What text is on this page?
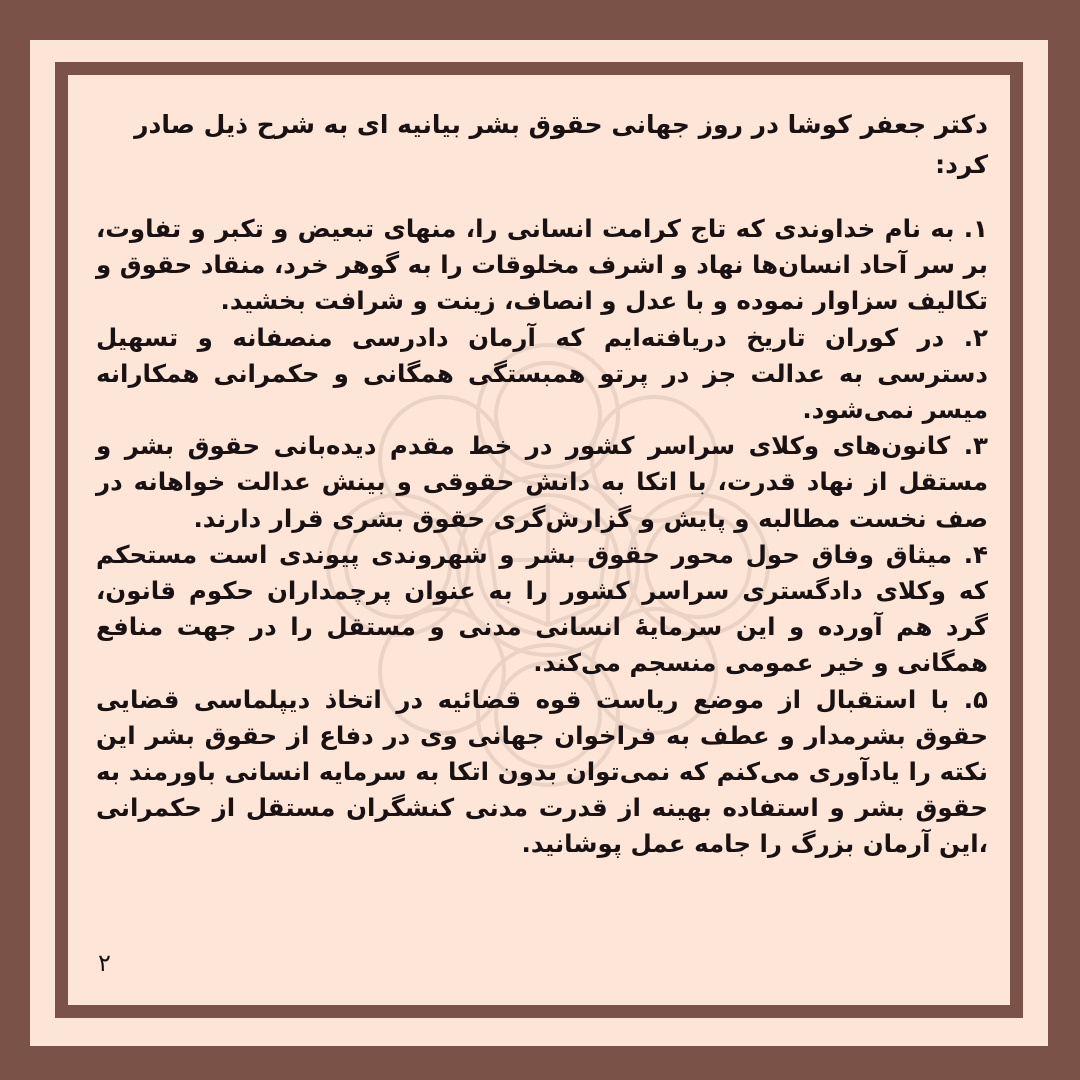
دکتر جعفر کوشا در روز جهانی حقوق بشر بیانیه ای به شرح ذیل صادر کرد:

۱. به نام خداوندی که تاج کرامت انسانی را، منهای تبعیض و تکبر و تفاوت، بر سر آحاد انسان‌ها نهاد و اشرف مخلوقات را به گوهر خرد، منقاد حقوق و تکالیف سزاوار نموده و با عدل و انصاف، زینت و شرافت بخشید.

۲. در کوران تاریخ دریافته‌ایم که آرمان دادرسی منصفانه و تسهیل دسترسی به عدالت جز در پرتو همبستگی همگانی و حکمرانی همکارانه میسر نمی‌شود.

۳. کانون‌های وکلای سراسر کشور در خط مقدم دیده‌بانی حقوق بشر و مستقل از نهاد قدرت، با اتکا به دانش حقوقی و بینش عدالت خواهانه در صف نخست مطالبه و پایش و گزارش‌گری حقوق بشری قرار دارند.

۴. میثاق وفاق حول محور حقوق بشر و شهروندی پیوندی است مستحکم که وکلای دادگستری سراسر کشور را به عنوان پرچمداران حکوم قانون، گرد هم آورده و این سرمایهٔ انسانی مدنی و مستقل را در جهت منافع همگانی و خیر عمومی منسجم می‌کند.

۵. با استقبال از موضع ریاست قوه قضائیه در اتخاذ دیپلماسی قضایی حقوق بشرمدار و عطف به فراخوان جهانی وی در دفاع از حقوق بشر این نکته را یادآوری می‌کنم که نمی‌توان بدون اتکا به سرمایه انسانی باورمند به حقوق بشر و استفاده بهینه از قدرت مدنی کنشگران مستقل از حکمرانی ،این آرمان بزرگ را جامه عمل پوشانید.

۲
